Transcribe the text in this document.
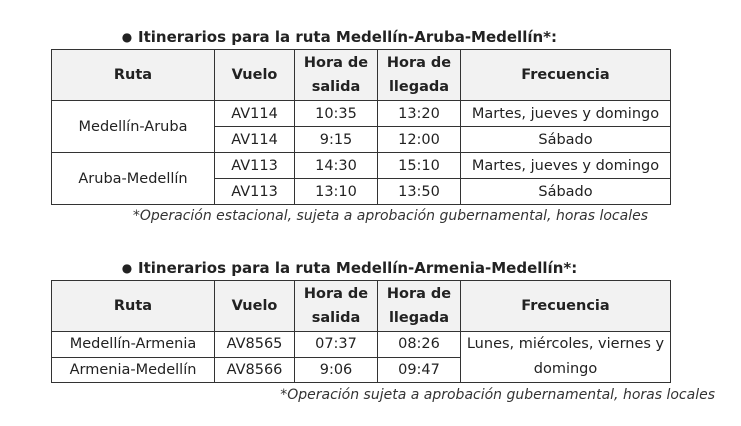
● Itinerarios para la ruta Medellín-Aruba-Medellín*:
Ruta	Vuelo	Hora de salida	Hora de llegada	Frecuencia
Medellín-Aruba	AV114	10:35	13:20	Martes, jueves y domingo
	AV114	9:15	12:00	Sábado
Aruba-Medellín	AV113	14:30	15:10	Martes, jueves y domingo
	AV113	13:10	13:50	Sábado
*Operación estacional, sujeta a aprobación gubernamental, horas locales
● Itinerarios para la ruta Medellín-Armenia-Medellín*:
Ruta	Vuelo	Hora de salida	Hora de llegada	Frecuencia
Medellín-Armenia	AV8565	07:37	08:26	Lunes, miércoles, viernes y domingo
Armenia-Medellín	AV8566	9:06	09:47	
*Operación sujeta a aprobación gubernamental, horas locales
